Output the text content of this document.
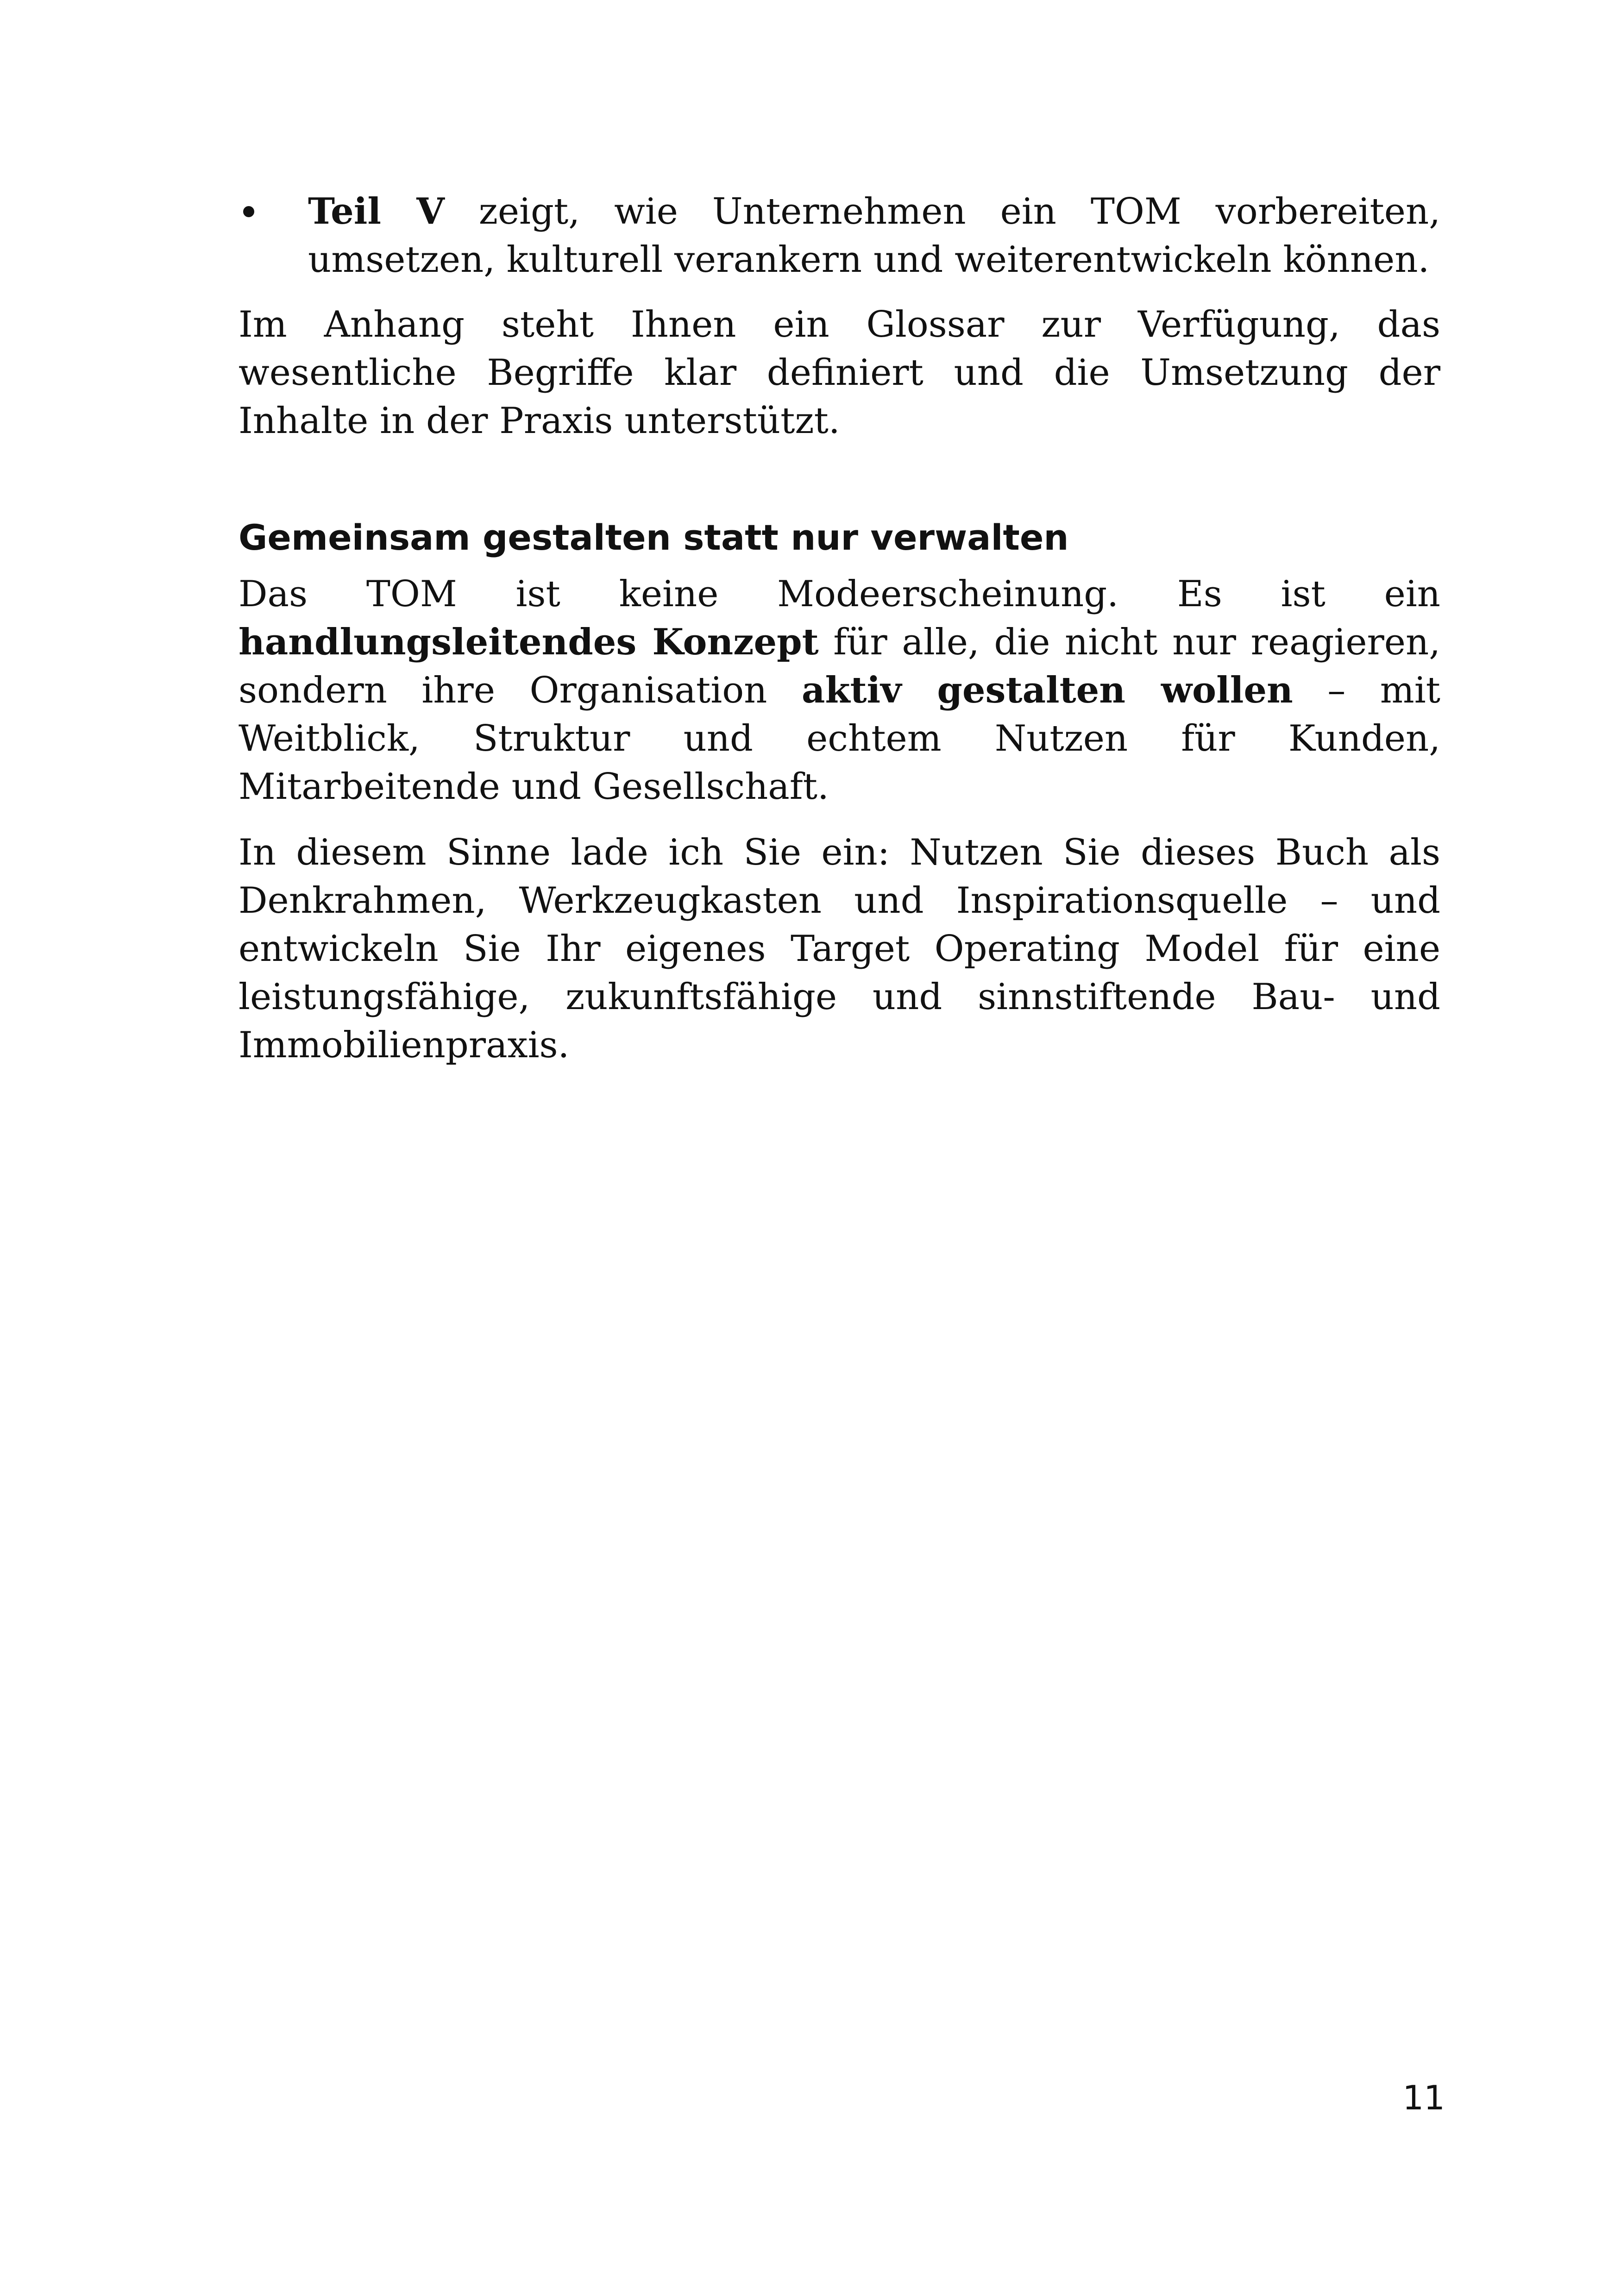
Teil V zeigt, wie Unternehmen ein TOM vorbereiten, umsetzen, kulturell verankern und weiterentwickeln können.

Im Anhang steht Ihnen ein Glossar zur Verfügung, das wesentliche Begriffe klar definiert und die Umsetzung der Inhalte in der Praxis unterstützt.

Gemeinsam gestalten statt nur verwalten

Das TOM ist keine Modeerscheinung. Es ist ein handlungsleitendes Konzept für alle, die nicht nur reagieren, sondern ihre Organisation aktiv gestalten wollen – mit Weitblick, Struktur und echtem Nutzen für Kunden, Mitarbeitende und Gesellschaft.

In diesem Sinne lade ich Sie ein: Nutzen Sie dieses Buch als Denkrahmen, Werkzeugkasten und Inspirationsquelle – und entwickeln Sie Ihr eigenes Target Operating Model für eine leistungsfähige, zukunftsfähige und sinnstiftende Bau- und Immobilienpraxis.

11
